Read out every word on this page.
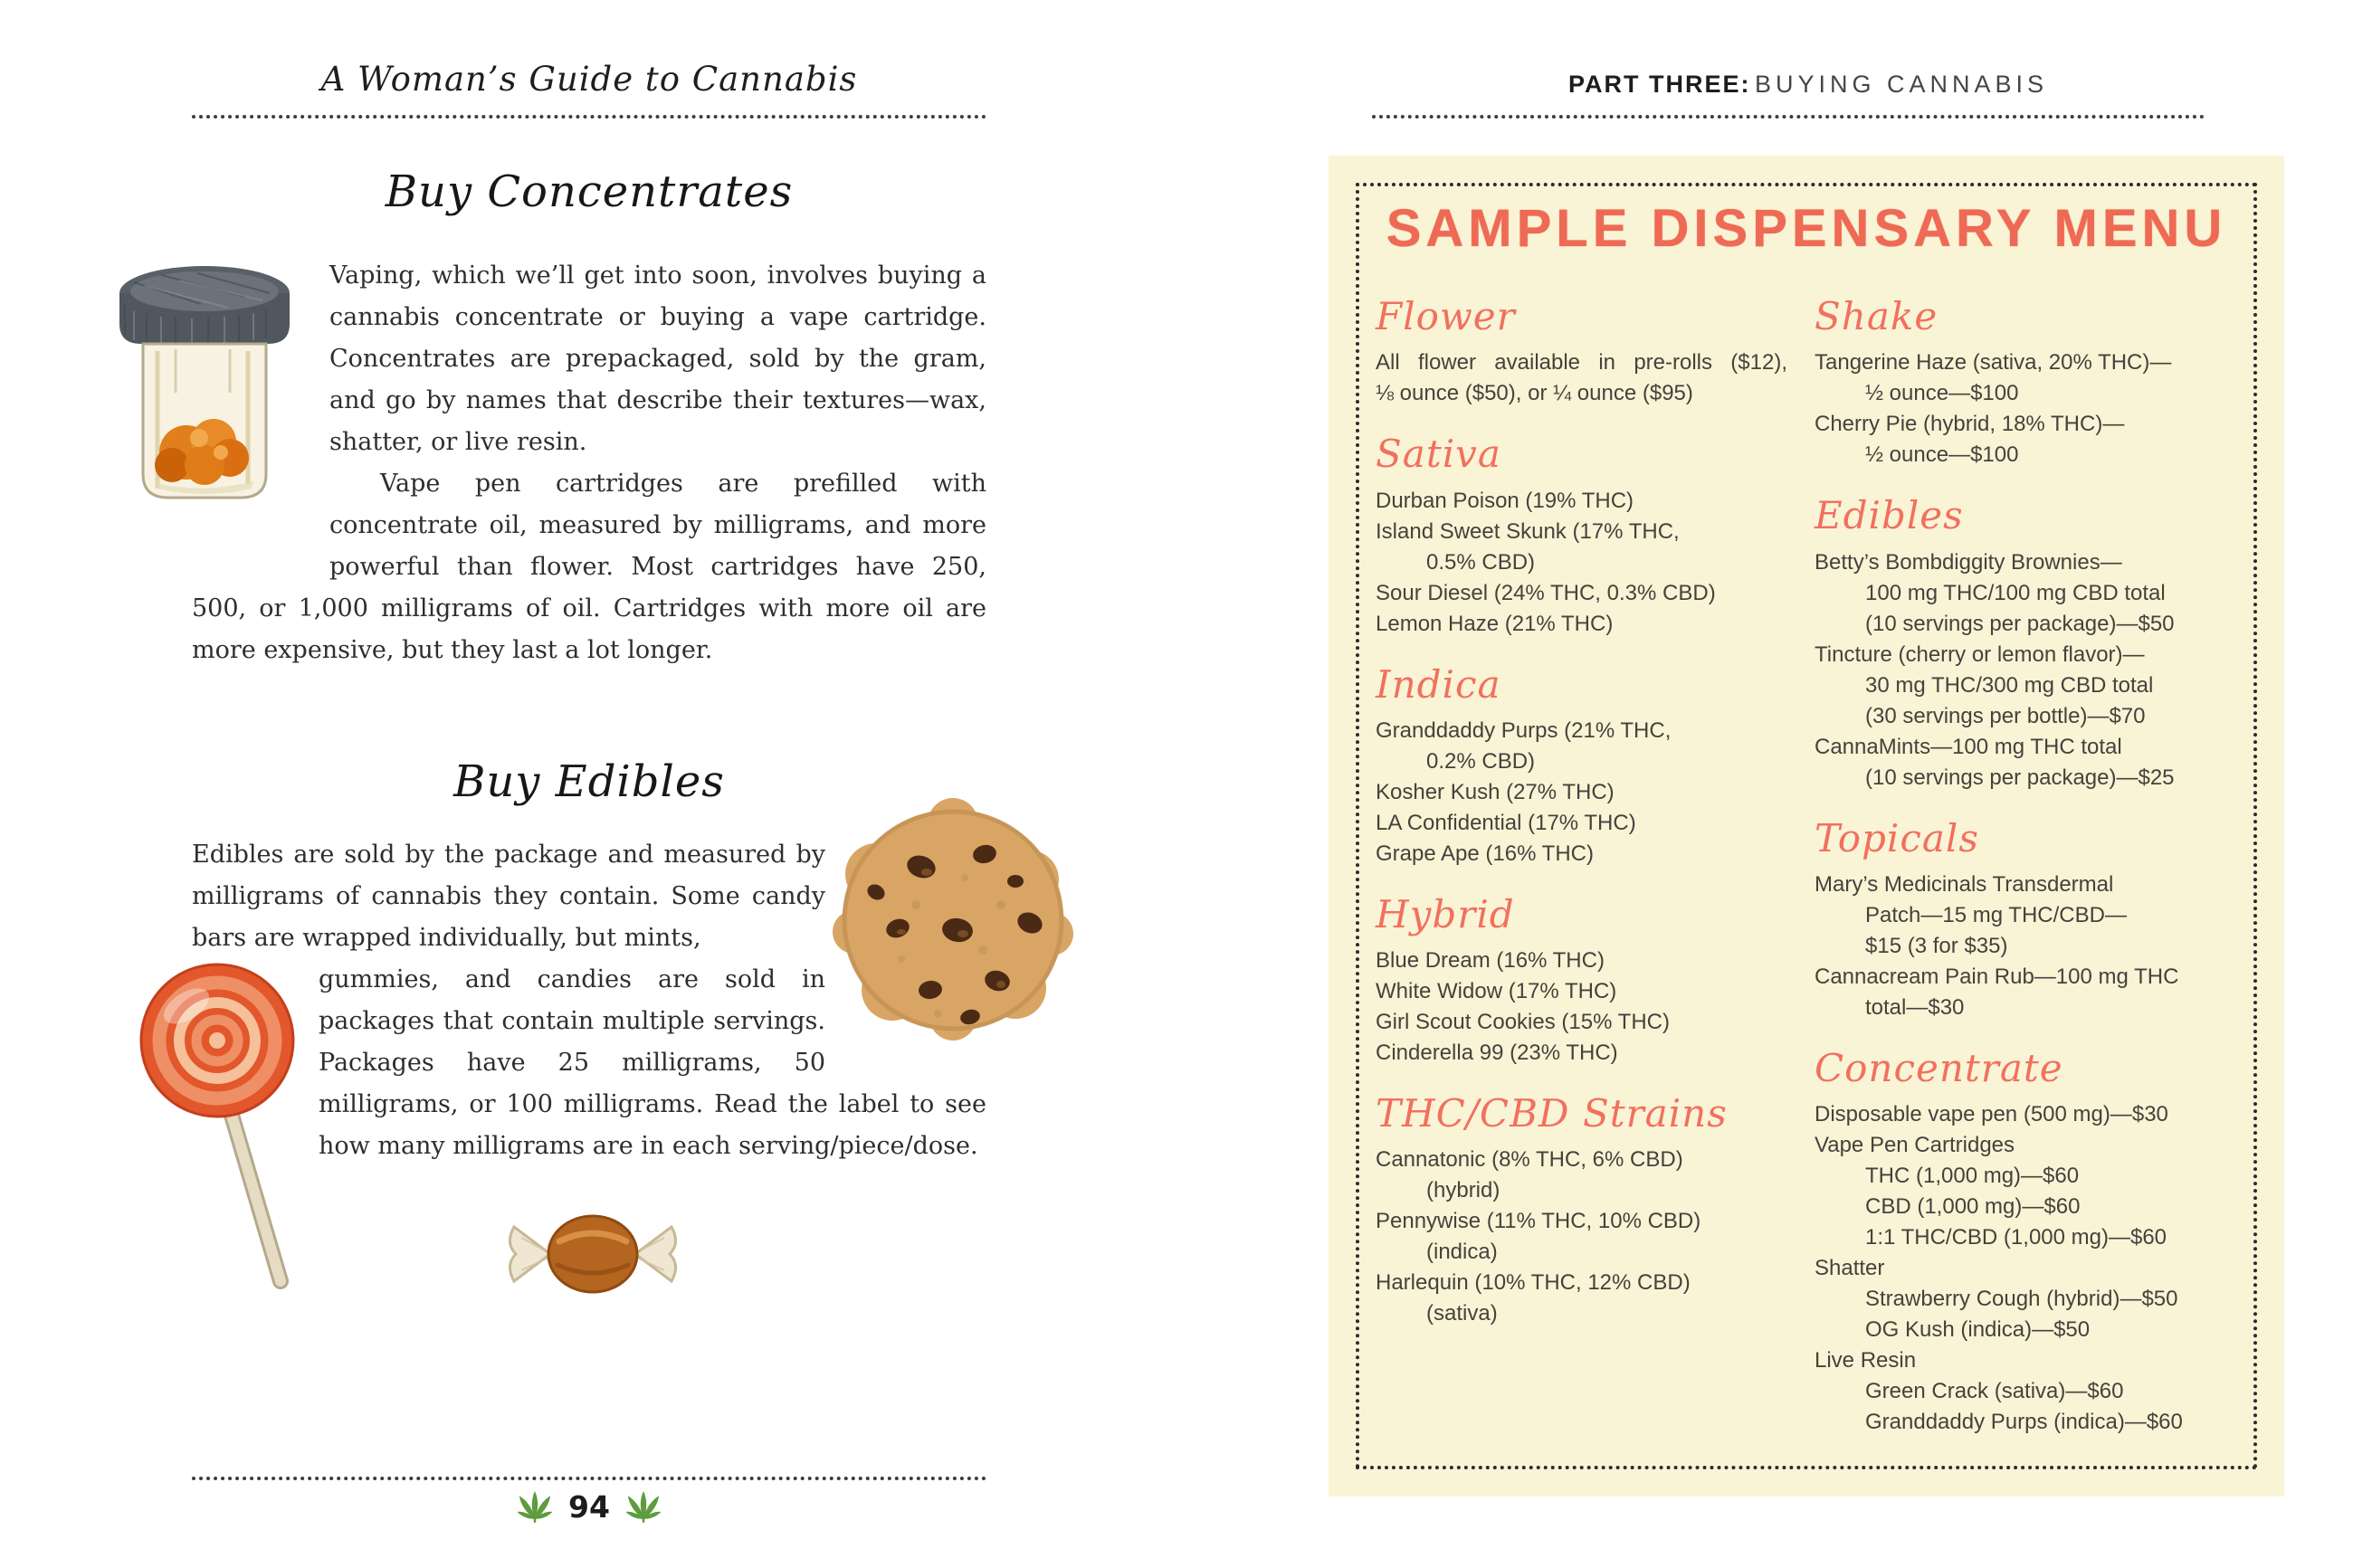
A Woman’s Guide to Cannabis
Buy Concentrates
Vaping, which we’ll get into soon, involves buying a cannabis concentrate or buying a vape cartridge. Concentrates are prepackaged, sold by the gram, and go by names that describe their textures—wax, shatter, or live resin.
Vape pen cartridges are prefilled with concentrate oil, measured by milligrams, and more powerful than flower. Most cartridges have 250, 500, or 1,000 milligrams of oil. Cartridges with more oil are more expensive, but they last a lot longer.
Buy Edibles
Edibles are sold by the package and measured by milligrams of cannabis they contain. Some candy bars are wrapped individually, but mints,
gummies, and candies are sold in packages that contain multiple servings. Packages have 25 milligrams, 50 milligrams, or 100 milligrams. Read the label to see how many milligrams are in each serving/piece/dose.
94
PART THREE: BUYING CANNABIS
SAMPLE DISPENSARY MENU
Flower
All flower available in pre-rolls ($12),
⅛ ounce ($50), or ¼ ounce ($95)
Sativa
Durban Poison (19% THC)
Island Sweet Skunk (17% THC,
0.5% CBD)
Sour Diesel (24% THC, 0.3% CBD)
Lemon Haze (21% THC)
Indica
Granddaddy Purps (21% THC,
0.2% CBD)
Kosher Kush (27% THC)
LA Confidential (17% THC)
Grape Ape (16% THC)
Hybrid
Blue Dream (16% THC)
White Widow (17% THC)
Girl Scout Cookies (15% THC)
Cinderella 99 (23% THC)
THC/CBD Strains
Cannatonic (8% THC, 6% CBD)
(hybrid)
Pennywise (11% THC, 10% CBD)
(indica)
Harlequin (10% THC, 12% CBD)
(sativa)
Shake
Tangerine Haze (sativa, 20% THC)—
½ ounce—$100
Cherry Pie (hybrid, 18% THC)—
½ ounce—$100
Edibles
Betty’s Bombdiggity Brownies—
100 mg THC/100 mg CBD total
(10 servings per package)—$50
Tincture (cherry or lemon flavor)—
30 mg THC/300 mg CBD total
(30 servings per bottle)—$70
CannaMints—100 mg THC total
(10 servings per package)—$25
Topicals
Mary’s Medicinals Transdermal
Patch—15 mg THC/CBD—
$15 (3 for $35)
Cannacream Pain Rub—100 mg THC
total—$30
Concentrate
Disposable vape pen (500 mg)—$30
Vape Pen Cartridges
THC (1,000 mg)—$60
CBD (1,000 mg)—$60
1:1 THC/CBD (1,000 mg)—$60
Shatter
Strawberry Cough (hybrid)—$50
OG Kush (indica)—$50
Live Resin
Green Crack (sativa)—$60
Granddaddy Purps (indica)—$60
